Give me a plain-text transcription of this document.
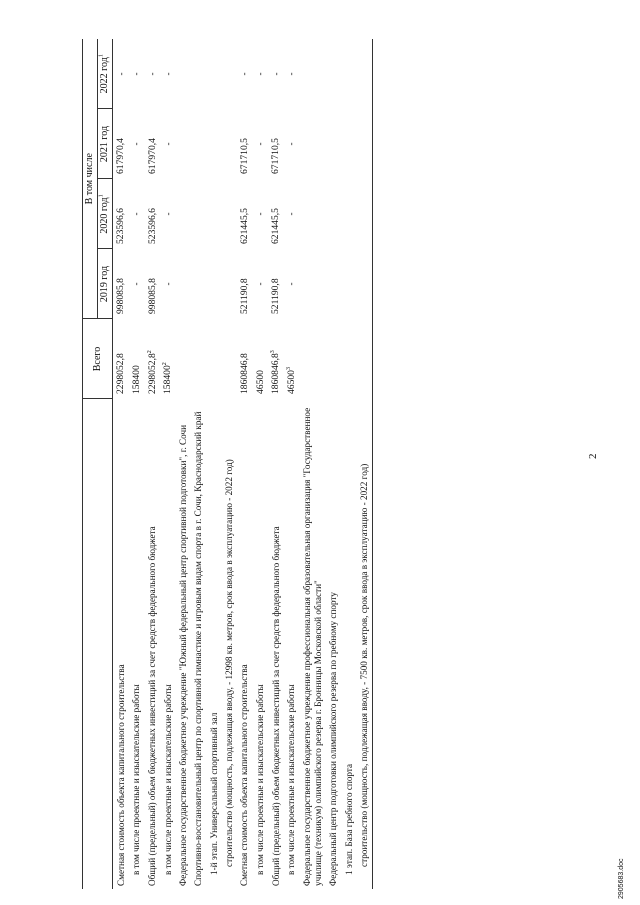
2
	Всего	В том числе			
		2019 год	2020 год$^1$	2021 год	2022 год$^1$
Сметная стоимость объекта капитального строительства	2298052,8	998085,8	523596,6	617970,4	-
в том числе проектные и изыскательские работы	158400	-	-	-	-
Общий (предельный) объем бюджетных инвестиций за счет средств федерального бюджета	2298052,8$^2$	998085,8	523596,6	617970,4	-
в том числе проектные и изыскательские работы	158400$^2$	-	-	-	-
Федеральное государственное бюджетное учреждение "Южный федеральный центр спортивной подготовки", г. Сочи					
Спортивно-восстановительный центр по спортивной гимнастике и игровым видам спорта в г. Сочи, Краснодарский край					
1-й этап. Универсальный спортивный зал					
строительство (мощность, подлежащая вводу, - 12998 кв. метров, срок ввода в эксплуатацию - 2022 год)					
Сметная стоимость объекта капитального строительства	1860846,8	521190,8	621445,5	671710,5	-
в том числе проектные и изыскательские работы	46500	-	-	-	-
Общий (предельный) объем бюджетных инвестиций за счет средств федерального бюджета	1860846,8$^3$	521190,8	621445,5	671710,5	-
в том числе проектные и изыскательские работы	46500$^3$	-	-	-	-
Федеральное государственное бюджетное учреждение профессиональная образовательная организация "Государственное училище (техникум) олимпийского резерва г. Бронницы Московской области"					
Федеральный центр подготовки олимпийского резерва по гребному спорту					
1 этап. База гребного спорта					
строительство (мощность, подлежащая вводу, - 7500 кв. метров, срок ввода в эксплуатацию - 2022 год)					
2905683.doc
